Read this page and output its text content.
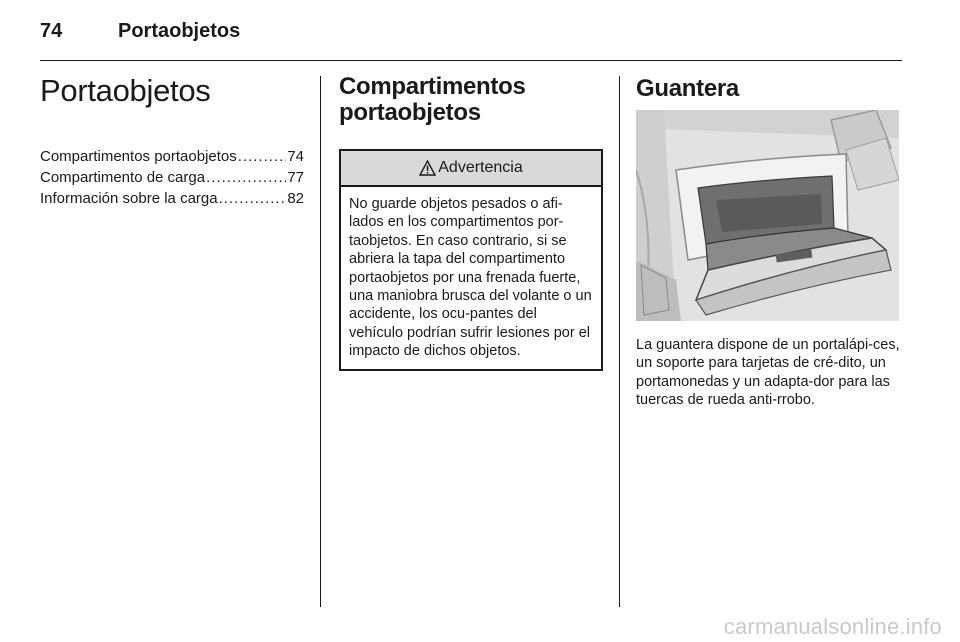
74	Portaobjetos
Portaobjetos
Compartimentos portaobjetos .....	74
Compartimento de carga .....	77
Información sobre la carga .....	82
Compartimentos portaobjetos
Advertencia
No guarde objetos pesados o afi-lados en los compartimentos por-taobjetos. En caso contrario, si se abriera la tapa del compartimento portaobjetos por una frenada fuerte, una maniobra brusca del volante o un accidente, los ocu-pantes del vehículo podrían sufrir lesiones por el impacto de dichos objetos.
Guantera

La guantera dispone de un portalápi-ces, un soporte para tarjetas de cré-dito, un portamonedas y un adapta-dor para las tuercas de rueda anti-rrobo.

carmanualsonline.info
